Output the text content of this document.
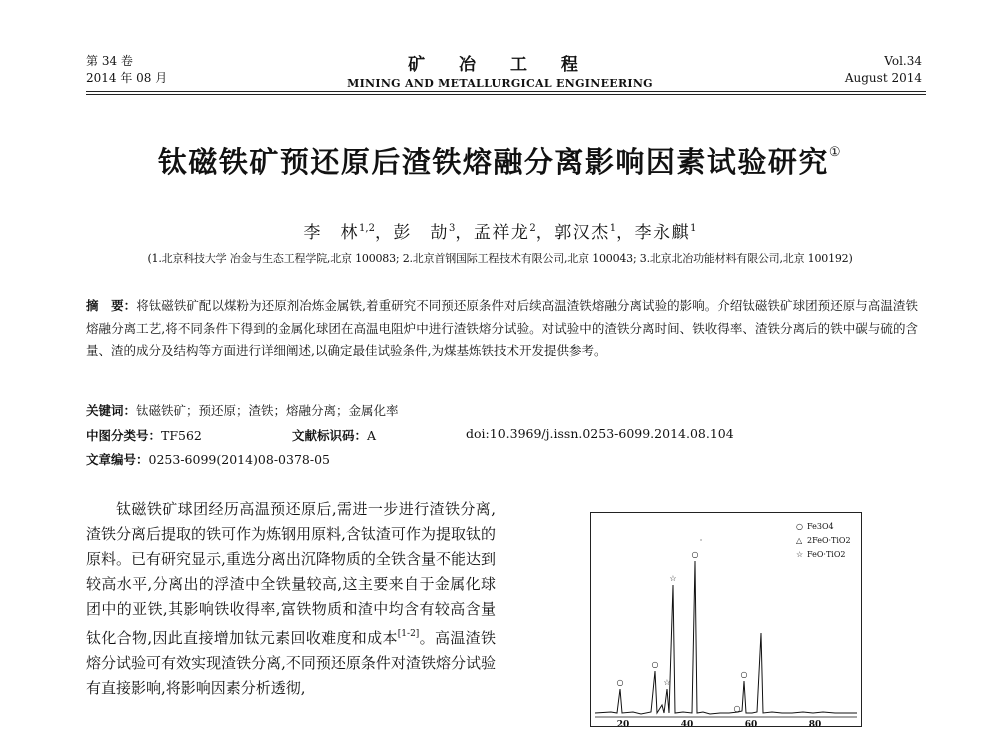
第 34 卷
2014 年 08 月
矿 冶 工 程
MINING AND METALLURGICAL ENGINEERING
Vol.34
August 2014
钛磁铁矿预还原后渣铁熔融分离影响因素试验研究①
李　林$^{1,2}$，彭　劼$^3$，孟祥龙$^2$，郭汉杰$^1$，李永麒$^1$
(1.北京科技大学 冶金与生态工程学院,北京 100083; 2.北京首钢国际工程技术有限公司,北京 100043; 3.北京北冶功能材料有限公司,北京 100192)
摘　要：将钛磁铁矿配以煤粉为还原剂冶炼金属铁,着重研究不同预还原条件对后续高温渣铁熔融分离试验的影响。介绍钛磁铁矿球团预还原与高温渣铁熔融分离工艺,将不同条件下得到的金属化球团在高温电阻炉中进行渣铁熔分试验。对试验中的渣铁分离时间、铁收得率、渣铁分离后的铁中碳与硫的含量、渣的成分及结构等方面进行详细阐述,以确定最佳试验条件,为煤基炼铁技术开发提供参考。
关键词：钛磁铁矿；预还原；渣铁；熔融分离；金属化率
中图分类号：TF562	文献标识码：A	doi:10.3969/j.issn.0253-6099.2014.08.104
文章编号：0253-6099(2014)08-0378-05
钛磁铁矿球团经历高温预还原后,需进一步进行渣铁分离,渣铁分离后提取的铁可作为炼钢用原料,含钛渣可作为提取钛的原料。已有研究显示,重选分离出沉降物质的全铁含量不能达到较高水平,分离出的浮渣中全铁量较高,这主要来自于金属化球团中的亚铁,其影响铁收得率,富铁物质和渣中均含有较高含量钛化合物,因此直接增加钛元素回收难度和成本[1-2]。高温渣铁熔分试验可有效实现渣铁分离,不同预还原条件对渣铁熔分试验有直接影响,将影响因素分析透彻,
○ Fe3O4
△ 2FeO·TiO2
☆ FeO·TiO2
○
○
☆
☆
○
○
·
○
20	40	60	80
